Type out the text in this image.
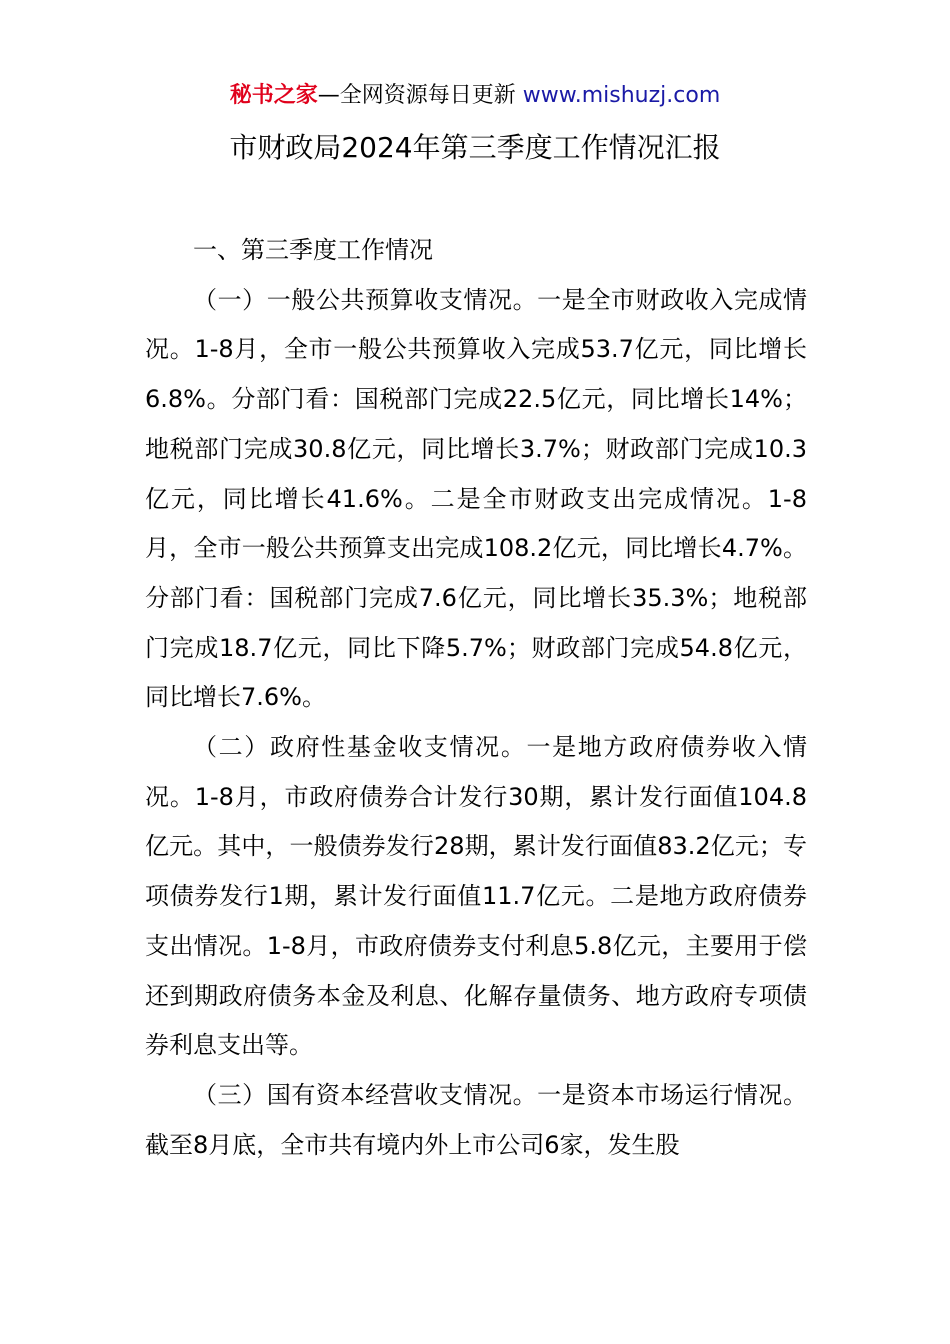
秘书之家—全网资源每日更新 www.mishuzj.com
市财政局2024年第三季度工作情况汇报

一、第三季度工作情况

（一）一般公共预算收支情况。一是全市财政收入完成情况。1-8月，全市一般公共预算收入完成53.7亿元，同比增长6.8%。分部门看：国税部门完成22.5亿元，同比增长14%；地税部门完成30.8亿元，同比增长3.7%；财政部门完成10.3亿元，同比增长41.6%。二是全市财政支出完成情况。1-8月，全市一般公共预算支出完成108.2亿元，同比增长4.7%。分部门看：国税部门完成7.6亿元，同比增长35.3%；地税部门完成18.7亿元，同比下降5.7%；财政部门完成54.8亿元，同比增长7.6%。

（二）政府性基金收支情况。一是地方政府债券收入情况。1-8月，市政府债券合计发行30期，累计发行面值104.8亿元。其中，一般债券发行28期，累计发行面值83.2亿元；专项债券发行1期，累计发行面值11.7亿元。二是地方政府债券支出情况。1-8月，市政府债券支付利息5.8亿元，主要用于偿还到期政府债务本金及利息、化解存量债务、地方政府专项债券利息支出等。

（三）国有资本经营收支情况。一是资本市场运行情况。截至8月底，全市共有境内外上市公司6家，发生股
